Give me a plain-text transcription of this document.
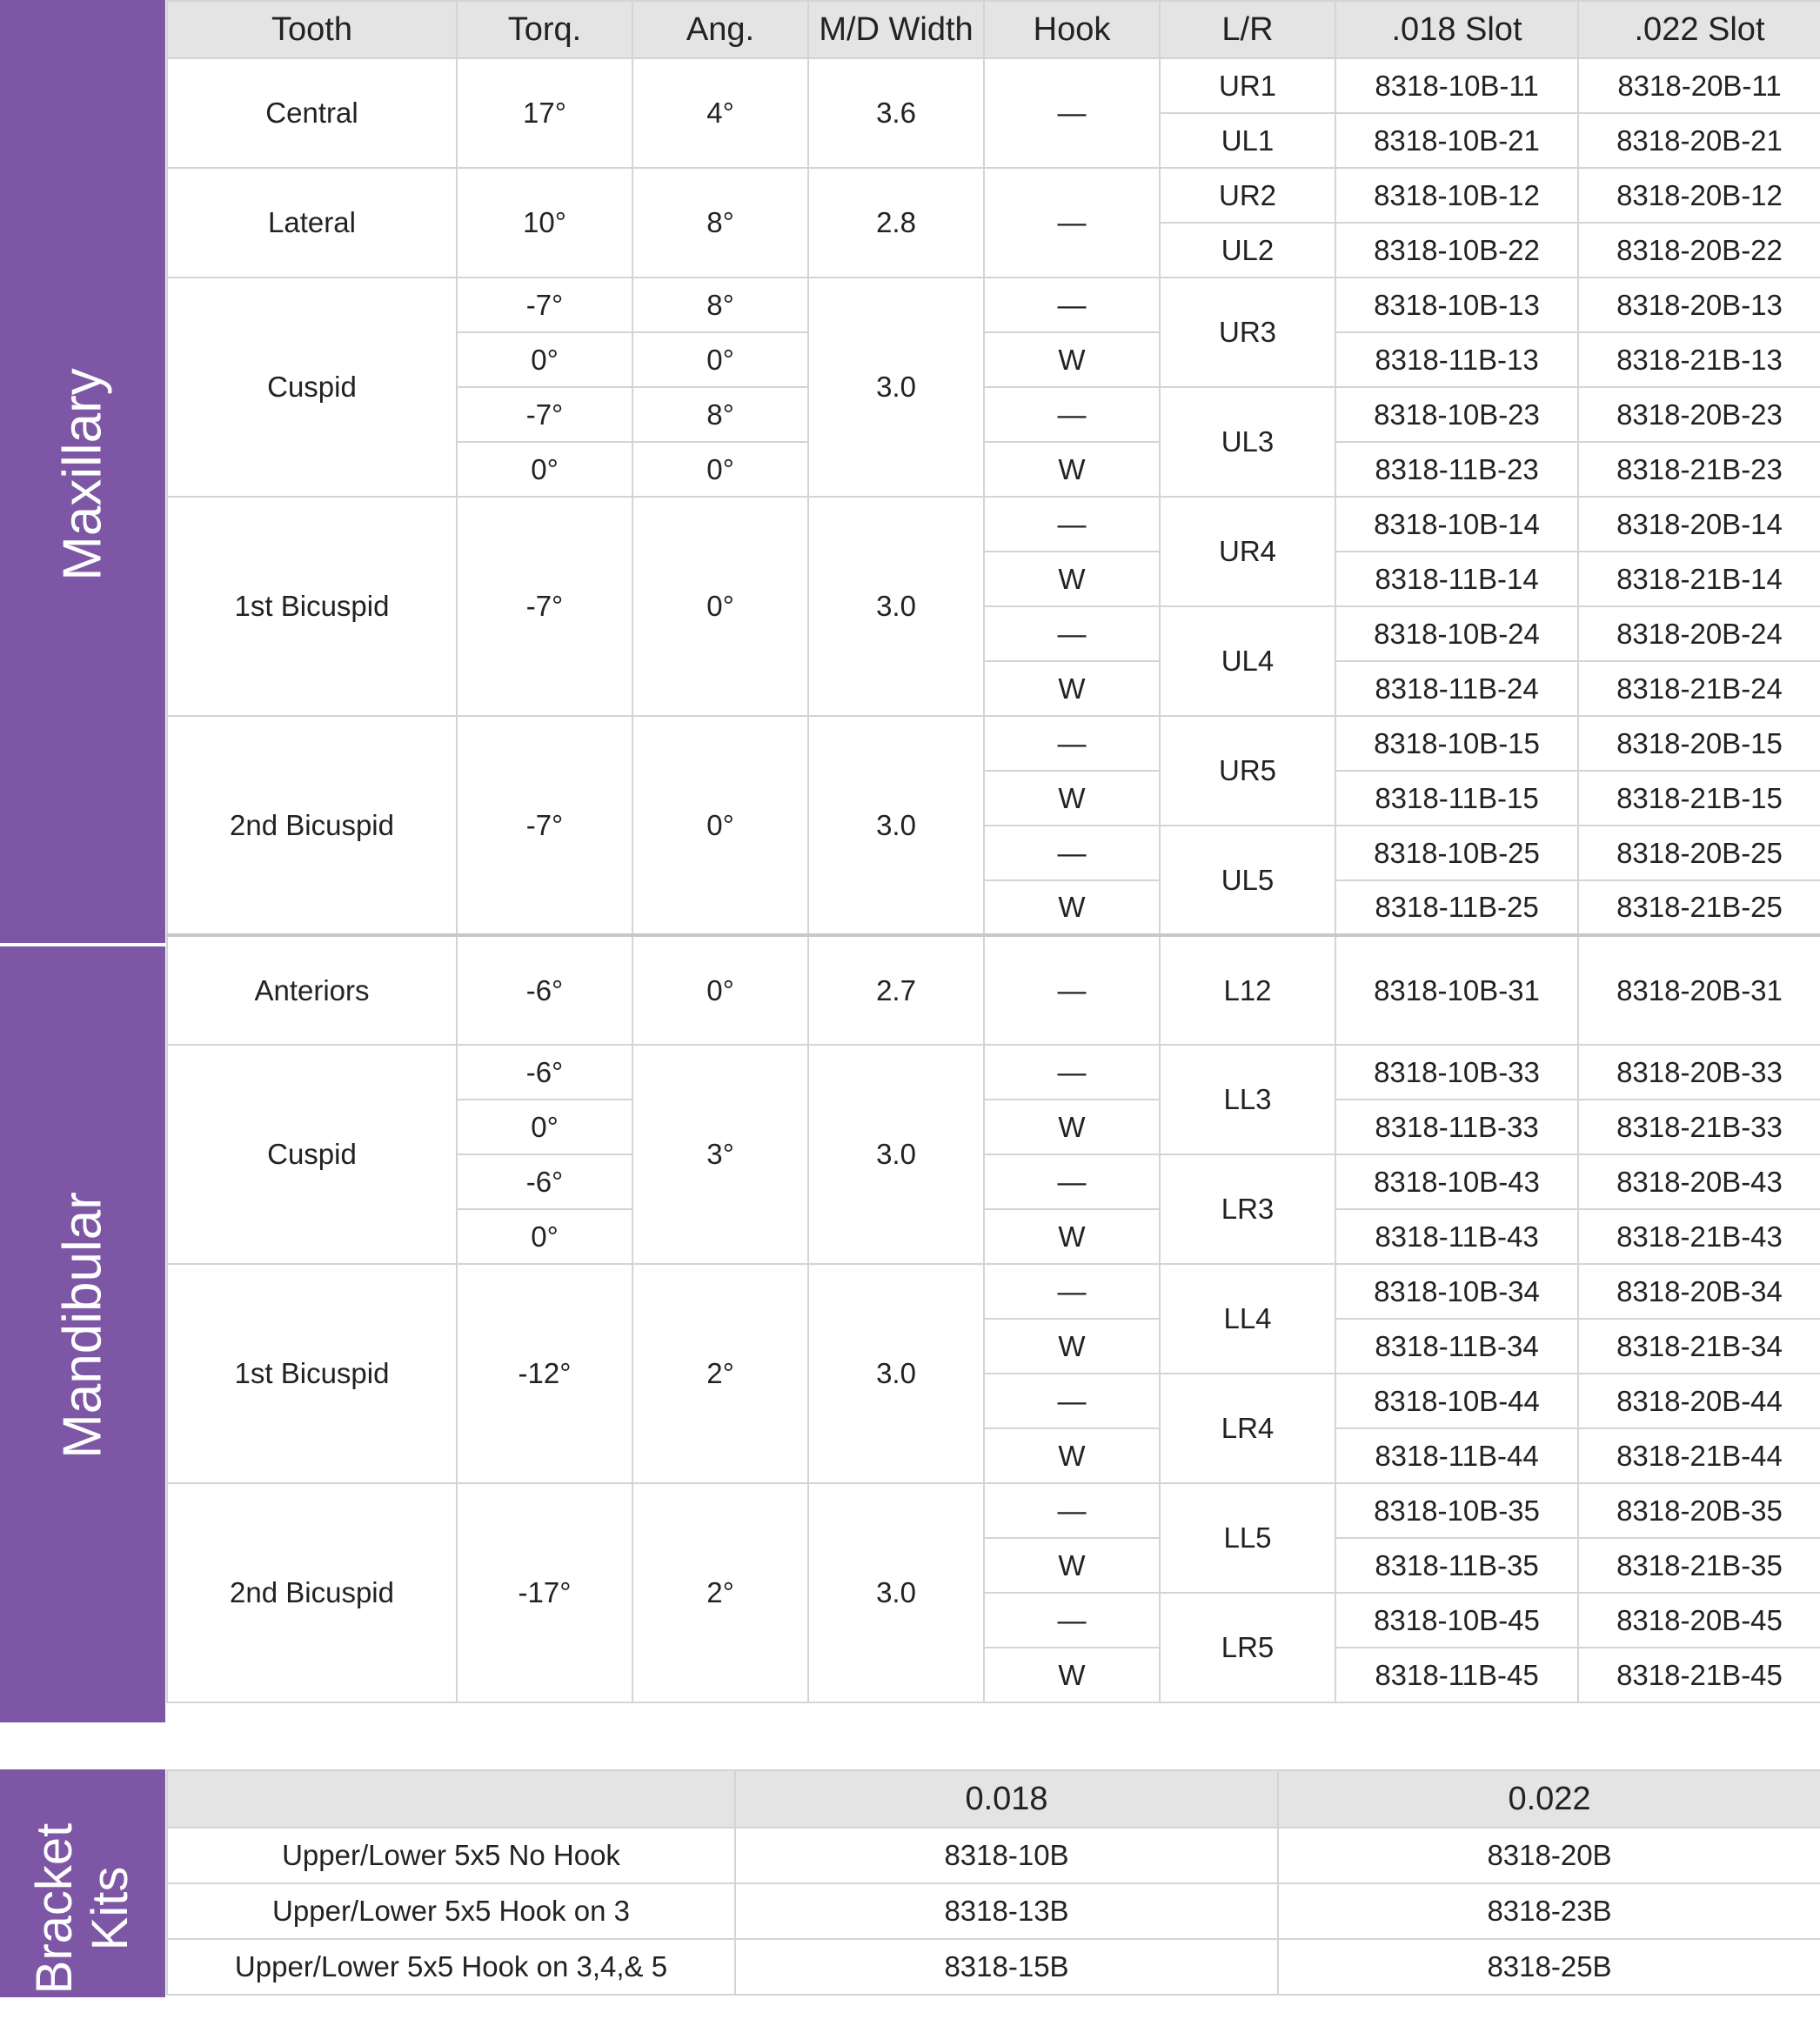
Maxillary
Mandibular
Bracket Kits
Tooth	Torq.	Ang.	M/D Width	Hook	L/R	.018 Slot	.022 Slot
Central	17°	4°	3.6	—	UR1	8318-10B-11	8318-20B-11
					UL1	8318-10B-21	8318-20B-21
Lateral	10°	8°	2.8	—	UR2	8318-10B-12	8318-20B-12
					UL2	8318-10B-22	8318-20B-22
Cuspid	-7°	8°	3.0	—	UR3	8318-10B-13	8318-20B-13
	0°	0°		W		8318-11B-13	8318-21B-13
	-7°	8°		—	UL3	8318-10B-23	8318-20B-23
	0°	0°		W		8318-11B-23	8318-21B-23
1st Bicuspid	-7°	0°	3.0	—	UR4	8318-10B-14	8318-20B-14
				W		8318-11B-14	8318-21B-14
				—	UL4	8318-10B-24	8318-20B-24
				W		8318-11B-24	8318-21B-24
2nd Bicuspid	-7°	0°	3.0	—	UR5	8318-10B-15	8318-20B-15
				W		8318-11B-15	8318-21B-15
				—	UL5	8318-10B-25	8318-20B-25
				W		8318-11B-25	8318-21B-25
Anteriors	-6°	0°	2.7	—	L12	8318-10B-31	8318-20B-31
Cuspid	-6°	3°	3.0	—	LL3	8318-10B-33	8318-20B-33
	0°			W		8318-11B-33	8318-21B-33
	-6°			—	LR3	8318-10B-43	8318-20B-43
	0°			W		8318-11B-43	8318-21B-43
1st Bicuspid	-12°	2°	3.0	—	LL4	8318-10B-34	8318-20B-34
				W		8318-11B-34	8318-21B-34
				—	LR4	8318-10B-44	8318-20B-44
				W		8318-11B-44	8318-21B-44
2nd Bicuspid	-17°	2°	3.0	—	LL5	8318-10B-35	8318-20B-35
				W		8318-11B-35	8318-21B-35
				—	LR5	8318-10B-45	8318-20B-45
				W		8318-11B-45	8318-21B-45
	0.018	0.022
Upper/Lower 5x5 No Hook	8318-10B	8318-20B
Upper/Lower 5x5 Hook on 3	8318-13B	8318-23B
Upper/Lower 5x5 Hook on 3,4,& 5	8318-15B	8318-25B
